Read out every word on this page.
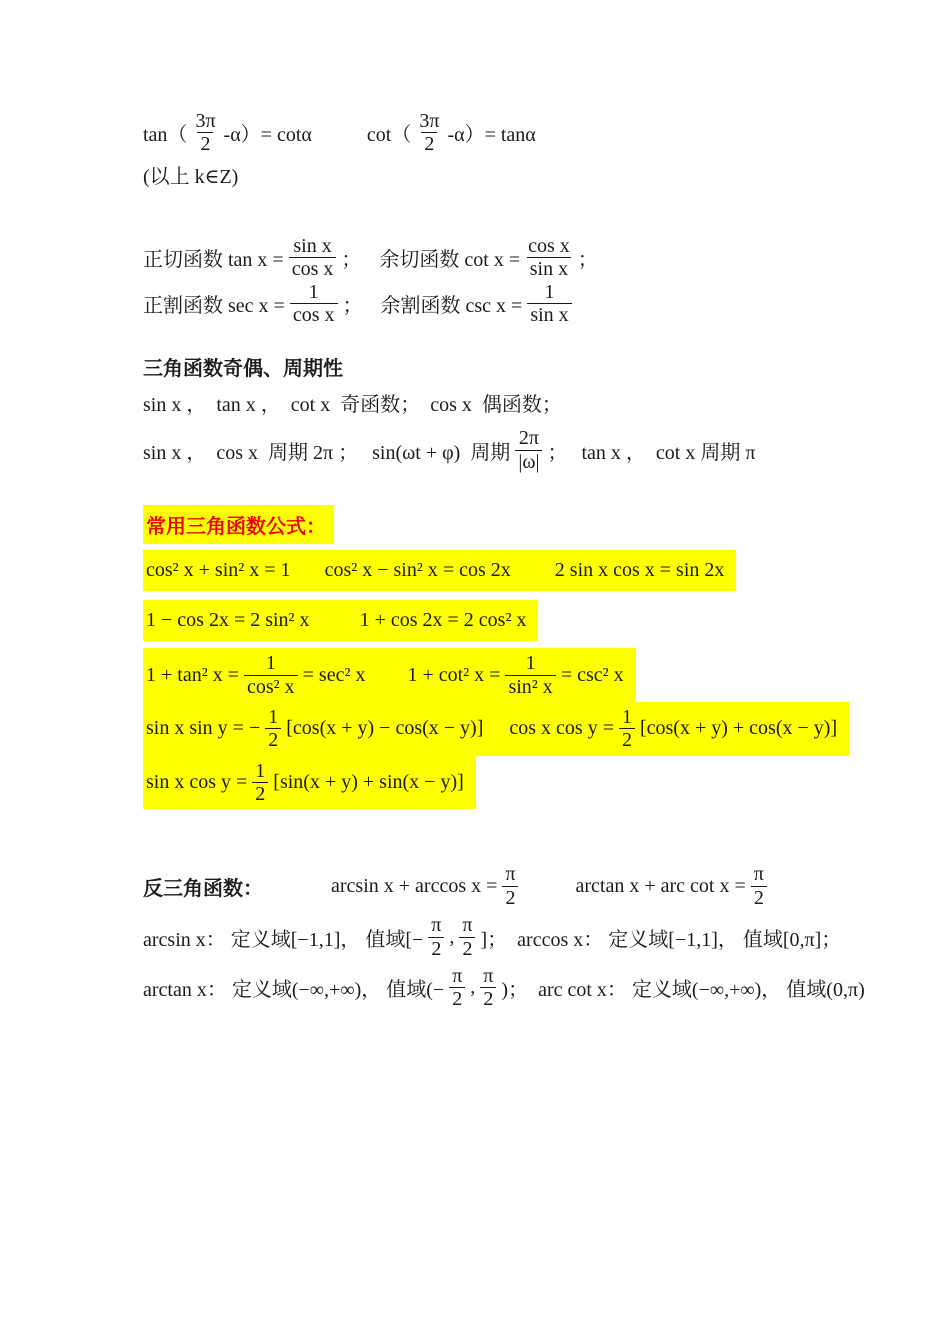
$\tan( \frac{3\pi}{2} -\alpha)= \cot\alpha$	$\cot( \frac{3\pi}{2} -\alpha)= \tan\alpha$
(以上 k∈Z)
正切函数 $\tan x = \frac{\text{sin x}}{\text{cos x}}$ ； 余切函数 $\cot x = \frac{\text{cos x}}{\text{sin x}}$ ；
正割函数 $\sec x = \frac{1}{\text{cos x}}$ ； 余割函数 $\csc x = \frac{1}{\text{sin x}}$
三角函数奇偶、周期性
sin x ，  tan x ，  cot x  奇函数；  cos x  偶函数；
sin x ，  cos x  周期 2π ； sin(ωt + φ)  周期 $\frac{2\pi}{|\omega|}$ ； tan x ，  cot x 周期 π
常用三角函数公式：
cos² x + sin² x = 1 cos² x − sin² x = cos 2x 2 sin x cos x = sin 2x
1 − cos 2x = 2 sin² x	1 + cos 2x = 2 cos² x
1 + tan² $x = \frac{1}{\text{cos² x}} = \sec^2$ x 1 + cot² $x = \frac{1}{\text{sin² x}} = \csc^2$ x
sin x sin y = − $\frac{1}{2} [\cos(x + y) - \cos(x - y)]$ cos x $\cos y = \frac{1}{2} [\cos(x + y) + \cos(x - y)]$
sin x $\cos y = \frac{1}{2} [\sin(x + y) + \sin(x - y)]$
反三角函数：	$\arcsin x + \arccos x = \frac{\pi}{2}$	arctan x + arc $\cot x = \frac{\pi}{2}$
arcsin x： 定义域[−1,1]， 值域[− $\frac{\pi}{2}$ , $\frac{\pi}{2}$ ]；  arccos x： 定义域[−1,1]， 值域[0,π]；
arctan x： 定义域(−∞,+∞)， 值域(− $\frac{\pi}{2}$ , $\frac{\pi}{2}$ )；  arc cot x： 定义域(−∞,+∞)， 值域(0,π)
